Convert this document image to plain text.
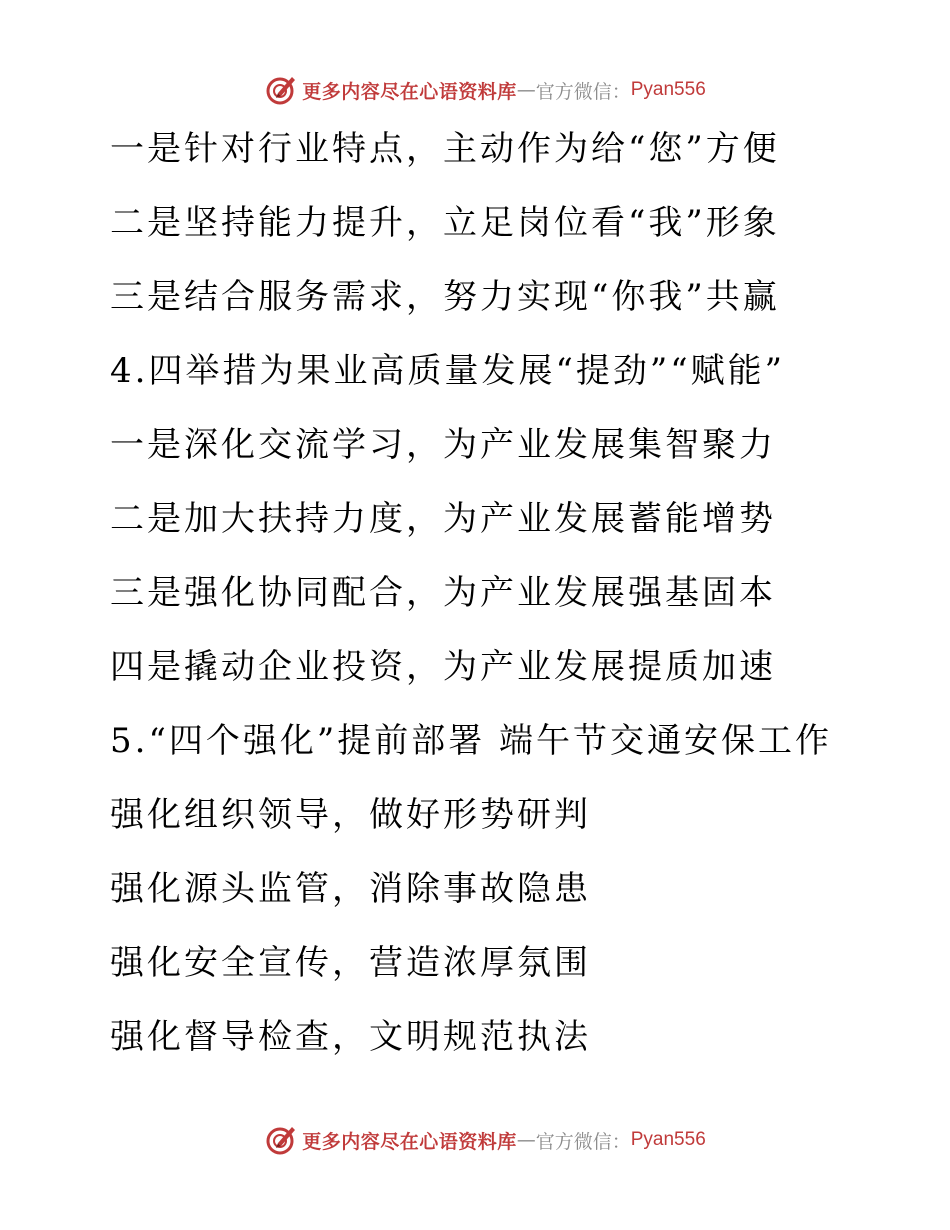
更多内容尽在心语资料库 — 官方微信： Pyan556
一是针对行业特点，主动作为给“您”方便
二是坚持能力提升，立足岗位看“我”形象
三是结合服务需求，努力实现“你我”共赢
4.四举措为果业高质量发展“提劲”“赋能”
一是深化交流学习，为产业发展集智聚力
二是加大扶持力度，为产业发展蓄能增势
三是强化协同配合，为产业发展强基固本
四是撬动企业投资，为产业发展提质加速
5.“四个强化”提前部署 端午节交通安保工作
强化组织领导，做好形势研判
强化源头监管，消除事故隐患
强化安全宣传，营造浓厚氛围
强化督导检查，文明规范执法
更多内容尽在心语资料库 — 官方微信： Pyan556
